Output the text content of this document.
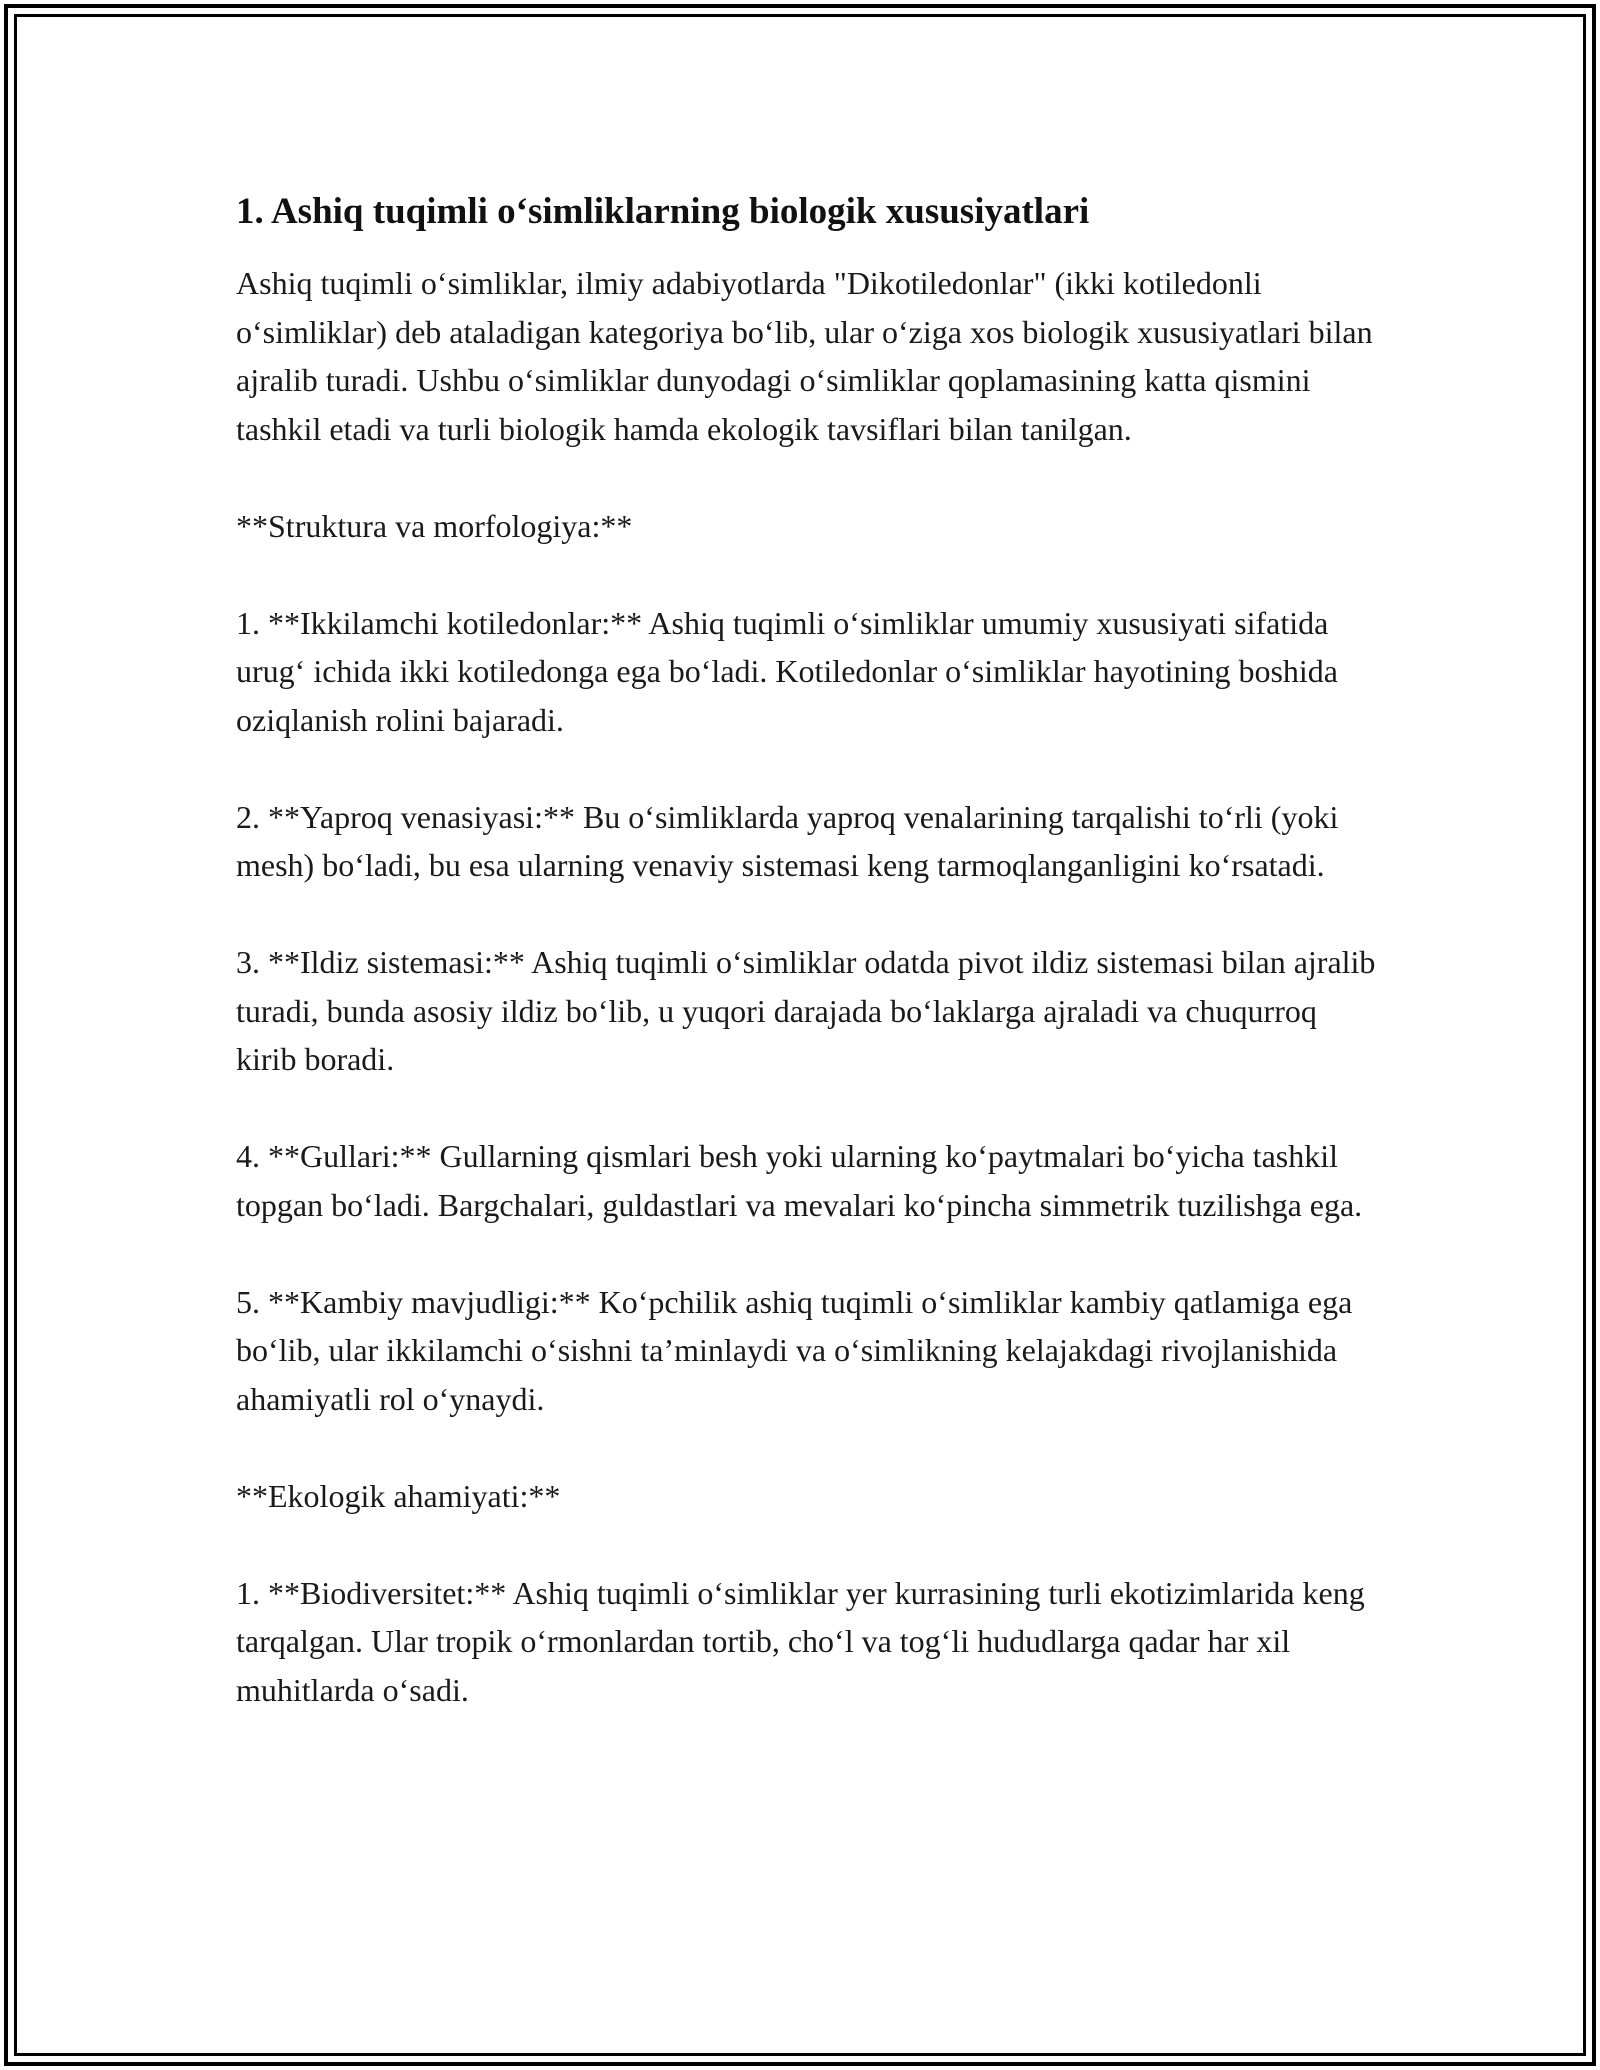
1. Ashiq tuqimli o‘simliklarning biologik xususiyatlari

Ashiq tuqimli o‘simliklar, ilmiy adabiyotlarda "Dikotiledonlar" (ikki kotiledonli o‘simliklar) deb ataladigan kategoriya bo‘lib, ular o‘ziga xos biologik xususiyatlari bilan ajralib turadi. Ushbu o‘simliklar dunyodagi o‘simliklar qoplamasining katta qismini tashkil etadi va turli biologik hamda ekologik tavsiflari bilan tanilgan.

**Struktura va morfologiya:**

1. **Ikkilamchi kotiledonlar:** Ashiq tuqimli o‘simliklar umumiy xususiyati sifatida urug‘ ichida ikki kotiledonga ega bo‘ladi. Kotiledonlar o‘simliklar hayotining boshida oziqlanish rolini bajaradi.

2. **Yaproq venasiyasi:** Bu o‘simliklarda yaproq venalarining tarqalishi to‘rli (yoki mesh) bo‘ladi, bu esa ularning venaviy sistemasi keng tarmoqlanganligini ko‘rsatadi.

3. **Ildiz sistemasi:** Ashiq tuqimli o‘simliklar odatda pivot ildiz sistemasi bilan ajralib turadi, bunda asosiy ildiz bo‘lib, u yuqori darajada bo‘laklarga ajraladi va chuqurroq kirib boradi.

4. **Gullari:** Gullarning qismlari besh yoki ularning ko‘paytmalari bo‘yicha tashkil topgan bo‘ladi. Bargchalari, guldastlari va mevalari ko‘pincha simmetrik tuzilishga ega.

5. **Kambiy mavjudligi:** Ko‘pchilik ashiq tuqimli o‘simliklar kambiy qatlamiga ega bo‘lib, ular ikkilamchi o‘sishni ta’minlaydi va o‘simlikning kelajakdagi rivojlanishida ahamiyatli rol o‘ynaydi.

**Ekologik ahamiyati:**

1. **Biodiversitet:** Ashiq tuqimli o‘simliklar yer kurrasining turli ekotizimlarida keng tarqalgan. Ular tropik o‘rmonlardan tortib, cho‘l va tog‘li hududlarga qadar har xil muhitlarda o‘sadi.
